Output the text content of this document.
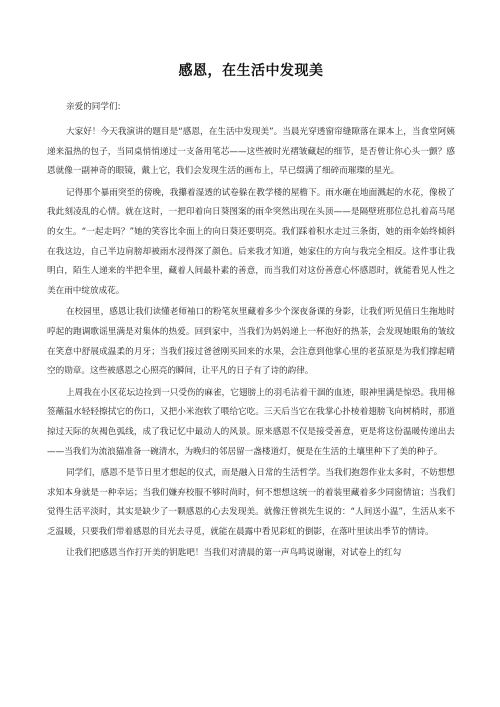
感恩，在生活中发现美

亲爱的同学们:

大家好！今天我演讲的题目是“感恩，在生活中发现美”。当晨光穿透窗帘缝隙落在课本上，当食堂阿姨递来温热的包子，当同桌悄悄递过一支备用笔芯——这些被时光褶皱藏起的细节，是否曾让你心头一颤？感恩就像一副神奇的眼镜，戴上它，我们会发现生活的画布上，早已缀满了细碎而璀璨的星光。

记得那个暴雨突至的傍晚，我攥着湿透的试卷躲在教学楼的屋檐下。雨水砸在地面溅起的水花，像极了我此刻凌乱的心情。就在这时，一把印着向日葵图案的雨伞突然出现在头顶——是隔壁班那位总扎着高马尾的女生。“一起走吗？”她的笑容比伞面上的向日葵还要明亮。我们踩着积水走过三条街，她的雨伞始终倾斜在我这边，自己半边肩膀却被雨水浸得深了颜色。后来我才知道，她家住的方向与我完全相反。这件事让我明白，陌生人递来的半把伞里，藏着人间最朴素的善意，而当我们对这份善意心怀感恩时，就能看见人性之美在雨中绽放成花。

在校园里，感恩让我们读懂老师袖口的粉笔灰里藏着多少个深夜备课的身影，让我们听见值日生拖地时哼起的跑调歌谣里满是对集体的热爱。回到家中，当我们为妈妈递上一杯泡好的热茶，会发现她眼角的皱纹在笑意中舒展成温柔的月牙；当我们接过爸爸刚买回来的水果，会注意到他掌心里的老茧原是为我们撑起晴空的勋章。这些被感恩之心照亮的瞬间，让平凡的日子有了诗的韵律。

上周我在小区花坛边捡到一只受伤的麻雀，它翅膀上的羽毛沾着干涸的血迹，眼神里满是惊恐。我用棉签蘸温水轻轻擦拭它的伤口，又把小米泡软了喂给它吃。三天后当它在我掌心扑棱着翅膀飞向树梢时，那道掠过天际的灰褐色弧线，成了我记忆中最动人的风景。原来感恩不仅是接受善意，更是将这份温暖传递出去——当我们为流浪猫准备一碗清水，为晚归的邻居留一盏楼道灯，便是在生活的土壤里种下了美的种子。

同学们，感恩不是节日里才想起的仪式，而是融入日常的生活哲学。当我们抱怨作业太多时，不妨想想求知本身就是一种幸运；当我们嫌弃校服不够时尚时，何不想想这统一的着装里藏着多少同窗情谊；当我们觉得生活平淡时，其实是缺少了一颗感恩的心去发现美。就像汪曾祺先生说的：“人间送小温”，生活从来不乏温暖，只要我们带着感恩的目光去寻觅，就能在晨露中看见彩虹的倒影，在落叶里读出季节的情诗。

让我们把感恩当作打开美的钥匙吧！当我们对清晨的第一声鸟鸣说谢谢，对试卷上的红勾
